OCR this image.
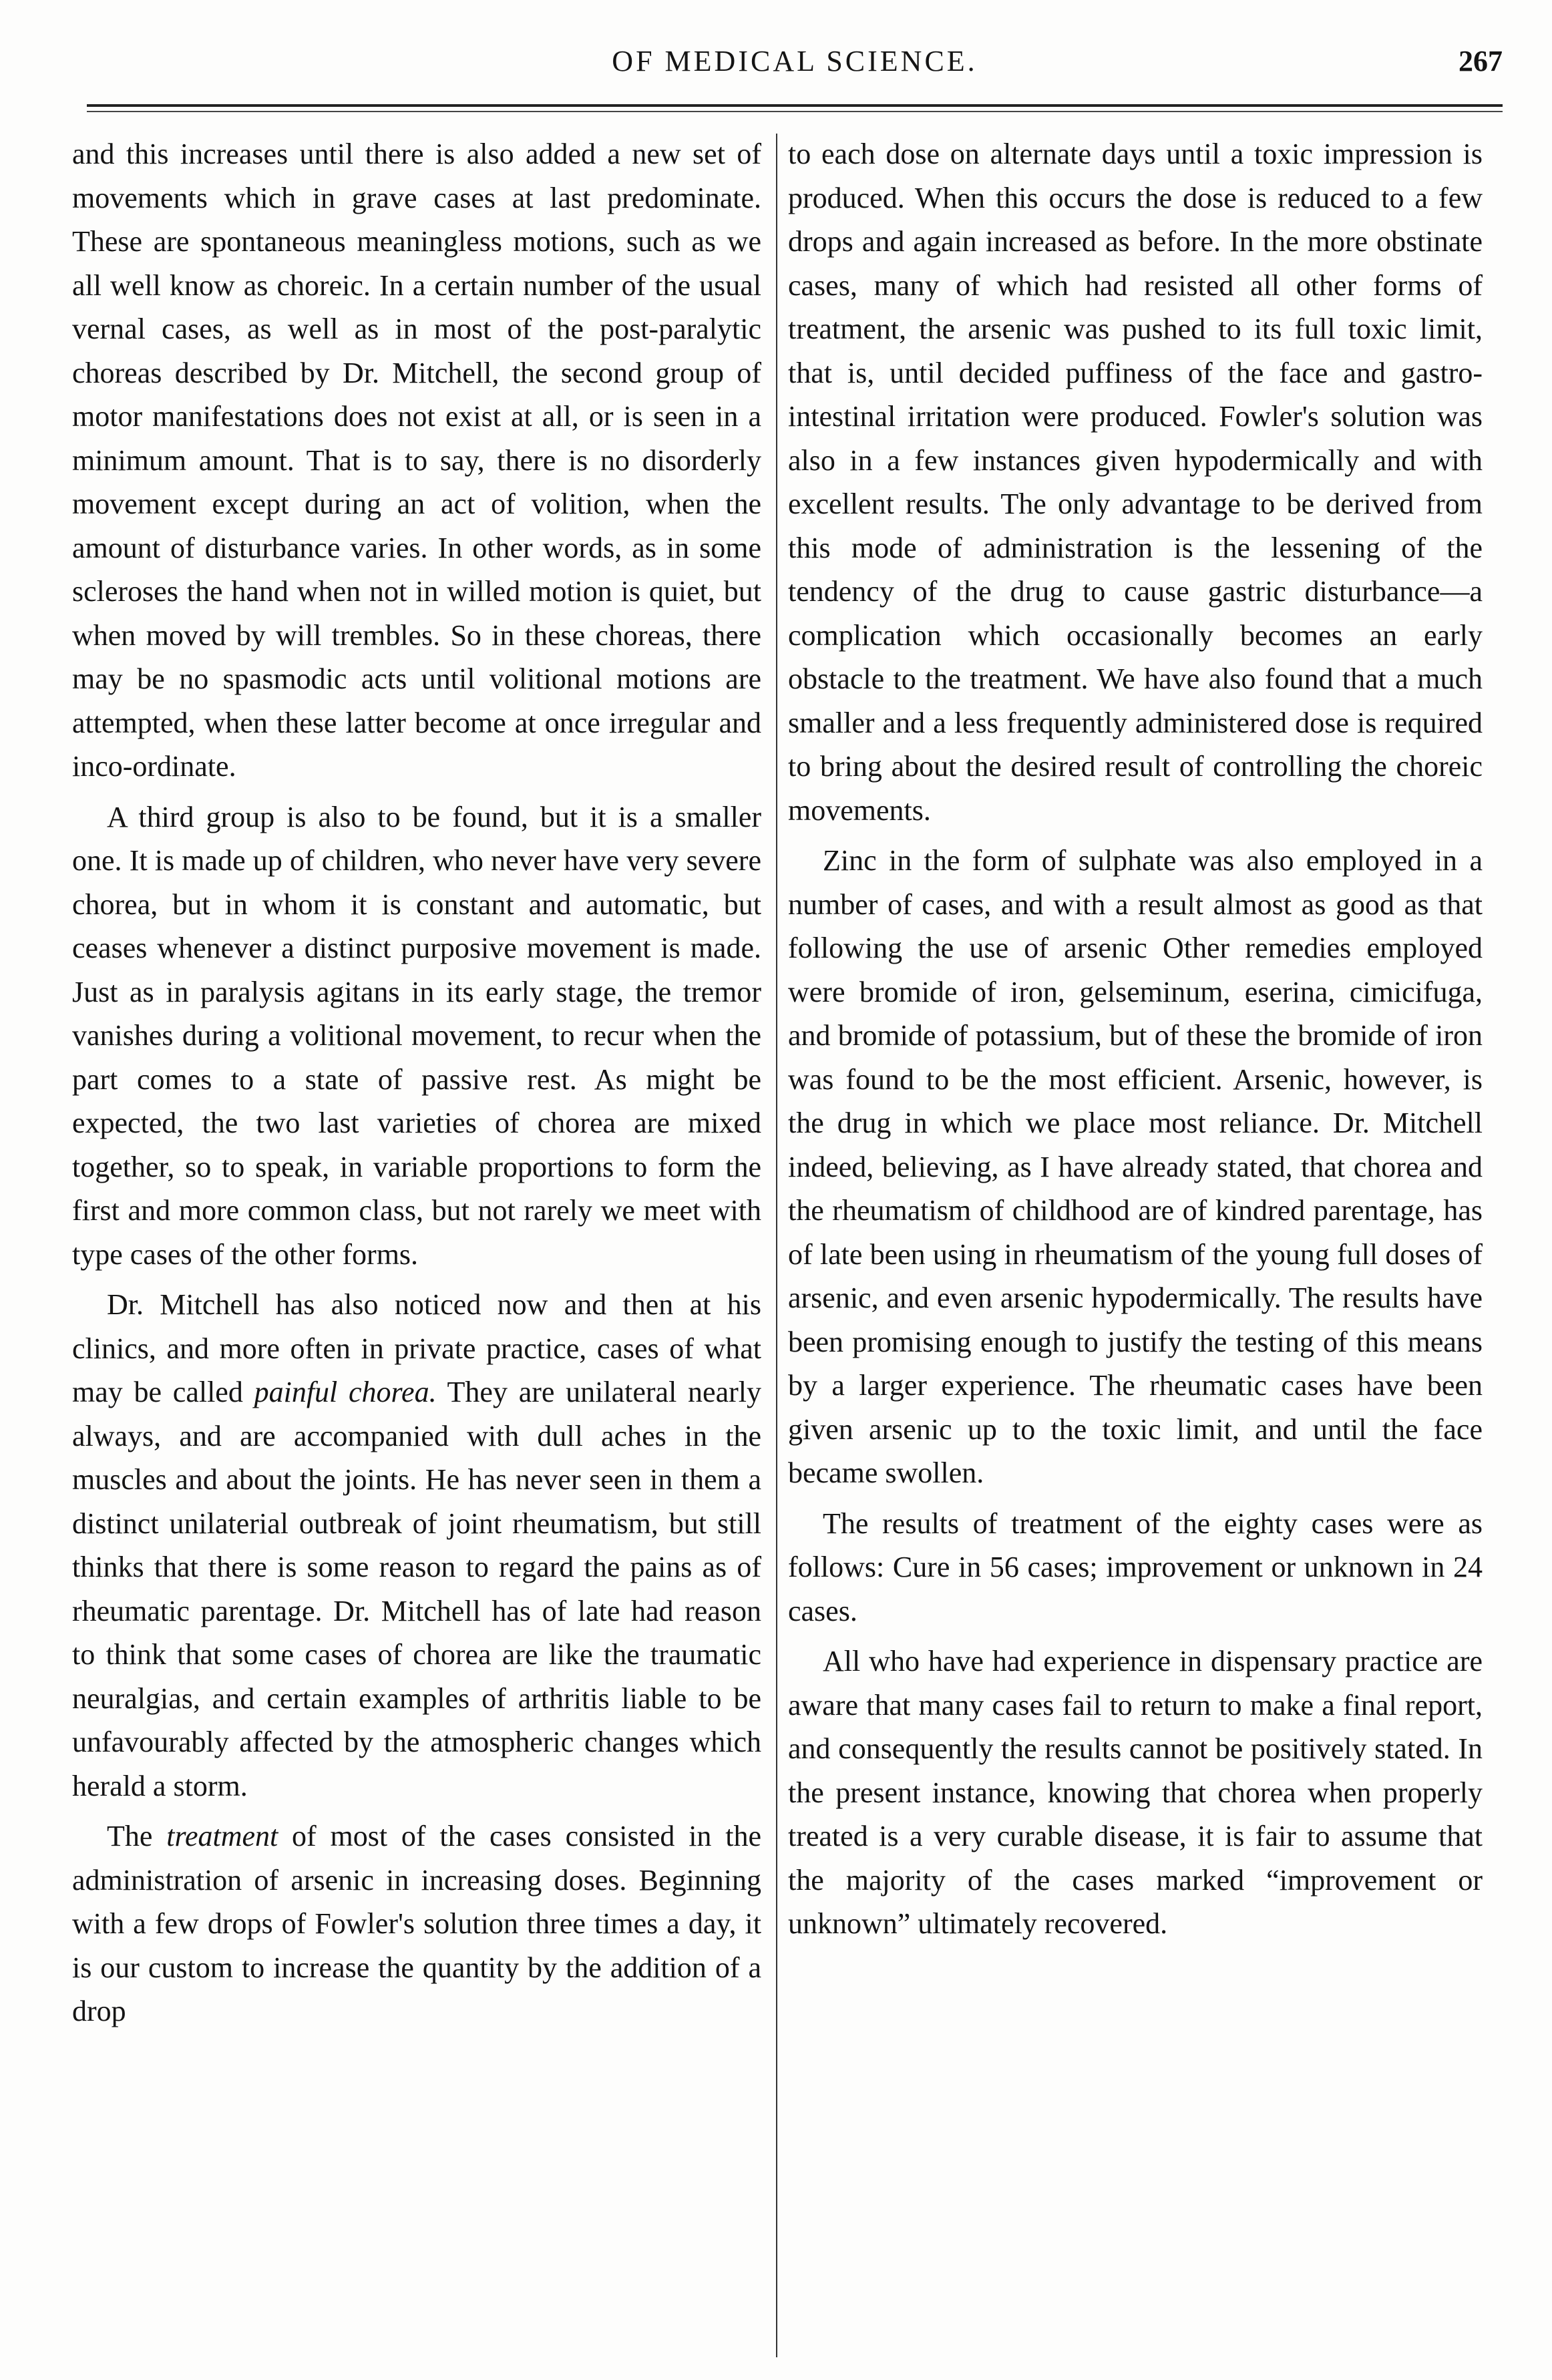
OF MEDICAL SCIENCE.	267

and this increases until there is also added a new set of movements which in grave cases at last predominate. These are spontaneous meaningless motions, such as we all well know as choreic. In a certain number of the usual vernal cases, as well as in most of the post-paralytic choreas described by Dr. Mitchell, the second group of motor manifestations does not exist at all, or is seen in a minimum amount. That is to say, there is no disorderly movement except during an act of volition, when the amount of disturbance varies. In other words, as in some scleroses the hand when not in willed motion is quiet, but when moved by will trembles. So in these choreas, there may be no spasmodic acts until volitional motions are attempted, when these latter become at once irregular and inco-ordinate.

A third group is also to be found, but it is a smaller one. It is made up of children, who never have very severe chorea, but in whom it is constant and automatic, but ceases whenever a distinct purposive movement is made. Just as in paralysis agitans in its early stage, the tremor vanishes during a volitional movement, to recur when the part comes to a state of passive rest. As might be expected, the two last varieties of chorea are mixed together, so to speak, in variable proportions to form the first and more common class, but not rarely we meet with type cases of the other forms.

Dr. Mitchell has also noticed now and then at his clinics, and more often in private practice, cases of what may be called painful chorea. They are unilateral nearly always, and are accompanied with dull aches in the muscles and about the joints. He has never seen in them a distinct unilaterial outbreak of joint rheumatism, but still thinks that there is some reason to regard the pains as of rheumatic parentage. Dr. Mitchell has of late had reason to think that some cases of chorea are like the traumatic neuralgias, and certain examples of arthritis liable to be unfavourably affected by the atmospheric changes which herald a storm.

The treatment of most of the cases consisted in the administration of arsenic in increasing doses. Beginning with a few drops of Fowler's solution three times a day, it is our custom to increase the quantity by the addition of a drop

to each dose on alternate days until a toxic impression is produced. When this occurs the dose is reduced to a few drops and again increased as before. In the more obstinate cases, many of which had resisted all other forms of treatment, the arsenic was pushed to its full toxic limit, that is, until decided puffiness of the face and gastro-intestinal irritation were produced. Fowler's solution was also in a few instances given hypodermically and with excellent results. The only advantage to be derived from this mode of administration is the lessening of the tendency of the drug to cause gastric disturbance—a complication which occasionally becomes an early obstacle to the treatment. We have also found that a much smaller and a less frequently administered dose is required to bring about the desired result of controlling the choreic movements.

Zinc in the form of sulphate was also employed in a number of cases, and with a result almost as good as that following the use of arsenic Other remedies employed were bromide of iron, gelseminum, eserina, cimicifuga, and bromide of potassium, but of these the bromide of iron was found to be the most efficient. Arsenic, however, is the drug in which we place most reliance. Dr. Mitchell indeed, believing, as I have already stated, that chorea and the rheumatism of childhood are of kindred parentage, has of late been using in rheumatism of the young full doses of arsenic, and even arsenic hypodermically. The results have been promising enough to justify the testing of this means by a larger experience. The rheumatic cases have been given arsenic up to the toxic limit, and until the face became swollen.

The results of treatment of the eighty cases were as follows: Cure in 56 cases; improvement or unknown in 24 cases.

All who have had experience in dispensary practice are aware that many cases fail to return to make a final report, and consequently the results cannot be positively stated. In the present instance, knowing that chorea when properly treated is a very curable disease, it is fair to assume that the majority of the cases marked “improvement or unknown” ultimately recovered.
